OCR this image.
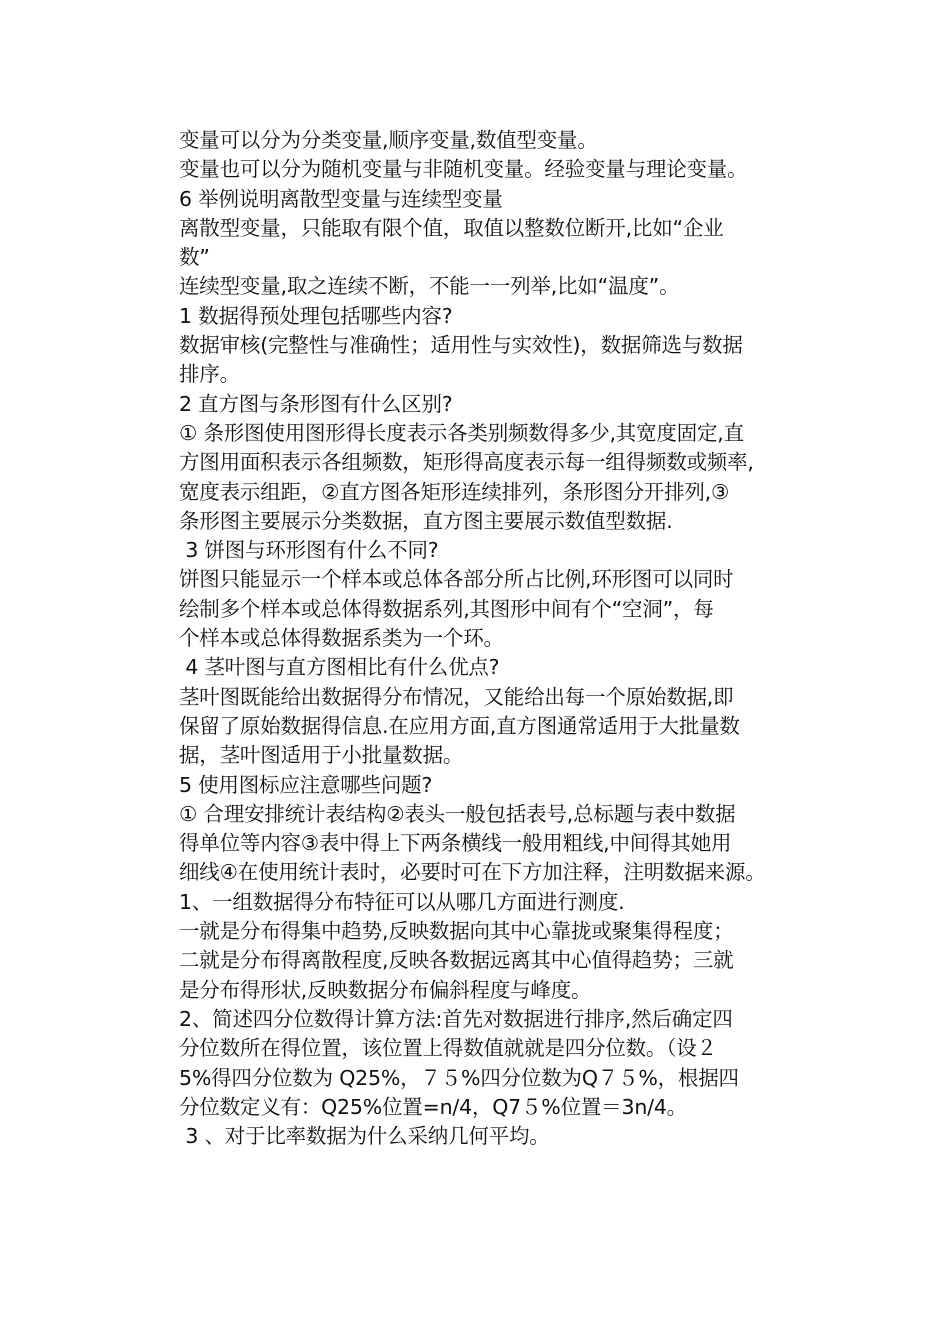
变量可以分为分类变量,顺序变量,数值型变量。
变量也可以分为随机变量与非随机变量。经验变量与理论变量。
6 举例说明离散型变量与连续型变量
离散型变量，只能取有限个值，取值以整数位断开,比如“企业
数”
连续型变量,取之连续不断，不能一一列举,比如“温度”。
1 数据得预处理包括哪些内容?
数据审核(完整性与准确性；适用性与实效性)，数据筛选与数据
排序。
2 直方图与条形图有什么区别?
① 条形图使用图形得长度表示各类别频数得多少,其宽度固定,直
方图用面积表示各组频数，矩形得高度表示每一组得频数或频率,
宽度表示组距，②直方图各矩形连续排列，条形图分开排列,③
条形图主要展示分类数据，直方图主要展示数值型数据.
3 饼图与环形图有什么不同?
饼图只能显示一个样本或总体各部分所占比例,环形图可以同时
绘制多个样本或总体得数据系列,其图形中间有个“空洞”，每
个样本或总体得数据系类为一个环。
4 茎叶图与直方图相比有什么优点?
茎叶图既能给出数据得分布情况，又能给出每一个原始数据,即
保留了原始数据得信息.在应用方面,直方图通常适用于大批量数
据，茎叶图适用于小批量数据。
5 使用图标应注意哪些问题?
① 合理安排统计表结构②表头一般包括表号,总标题与表中数据
得单位等内容③表中得上下两条横线一般用粗线,中间得其她用
细线④在使用统计表时，必要时可在下方加注释，注明数据来源。
1、一组数据得分布特征可以从哪几方面进行测度.
一就是分布得集中趋势,反映数据向其中心靠拢或聚集得程度；
二就是分布得离散程度,反映各数据远离其中心值得趋势；三就
是分布得形状,反映数据分布偏斜程度与峰度。
2、简述四分位数得计算方法:首先对数据进行排序,然后确定四
分位数所在得位置，该位置上得数值就就是四分位数。（设２
5%得四分位数为 Q25%，７５%四分位数为Q７５%，根据四
分位数定义有：Q25%位置=n/4，Q7５%位置＝3n/4。
3 、对于比率数据为什么采纳几何平均。
